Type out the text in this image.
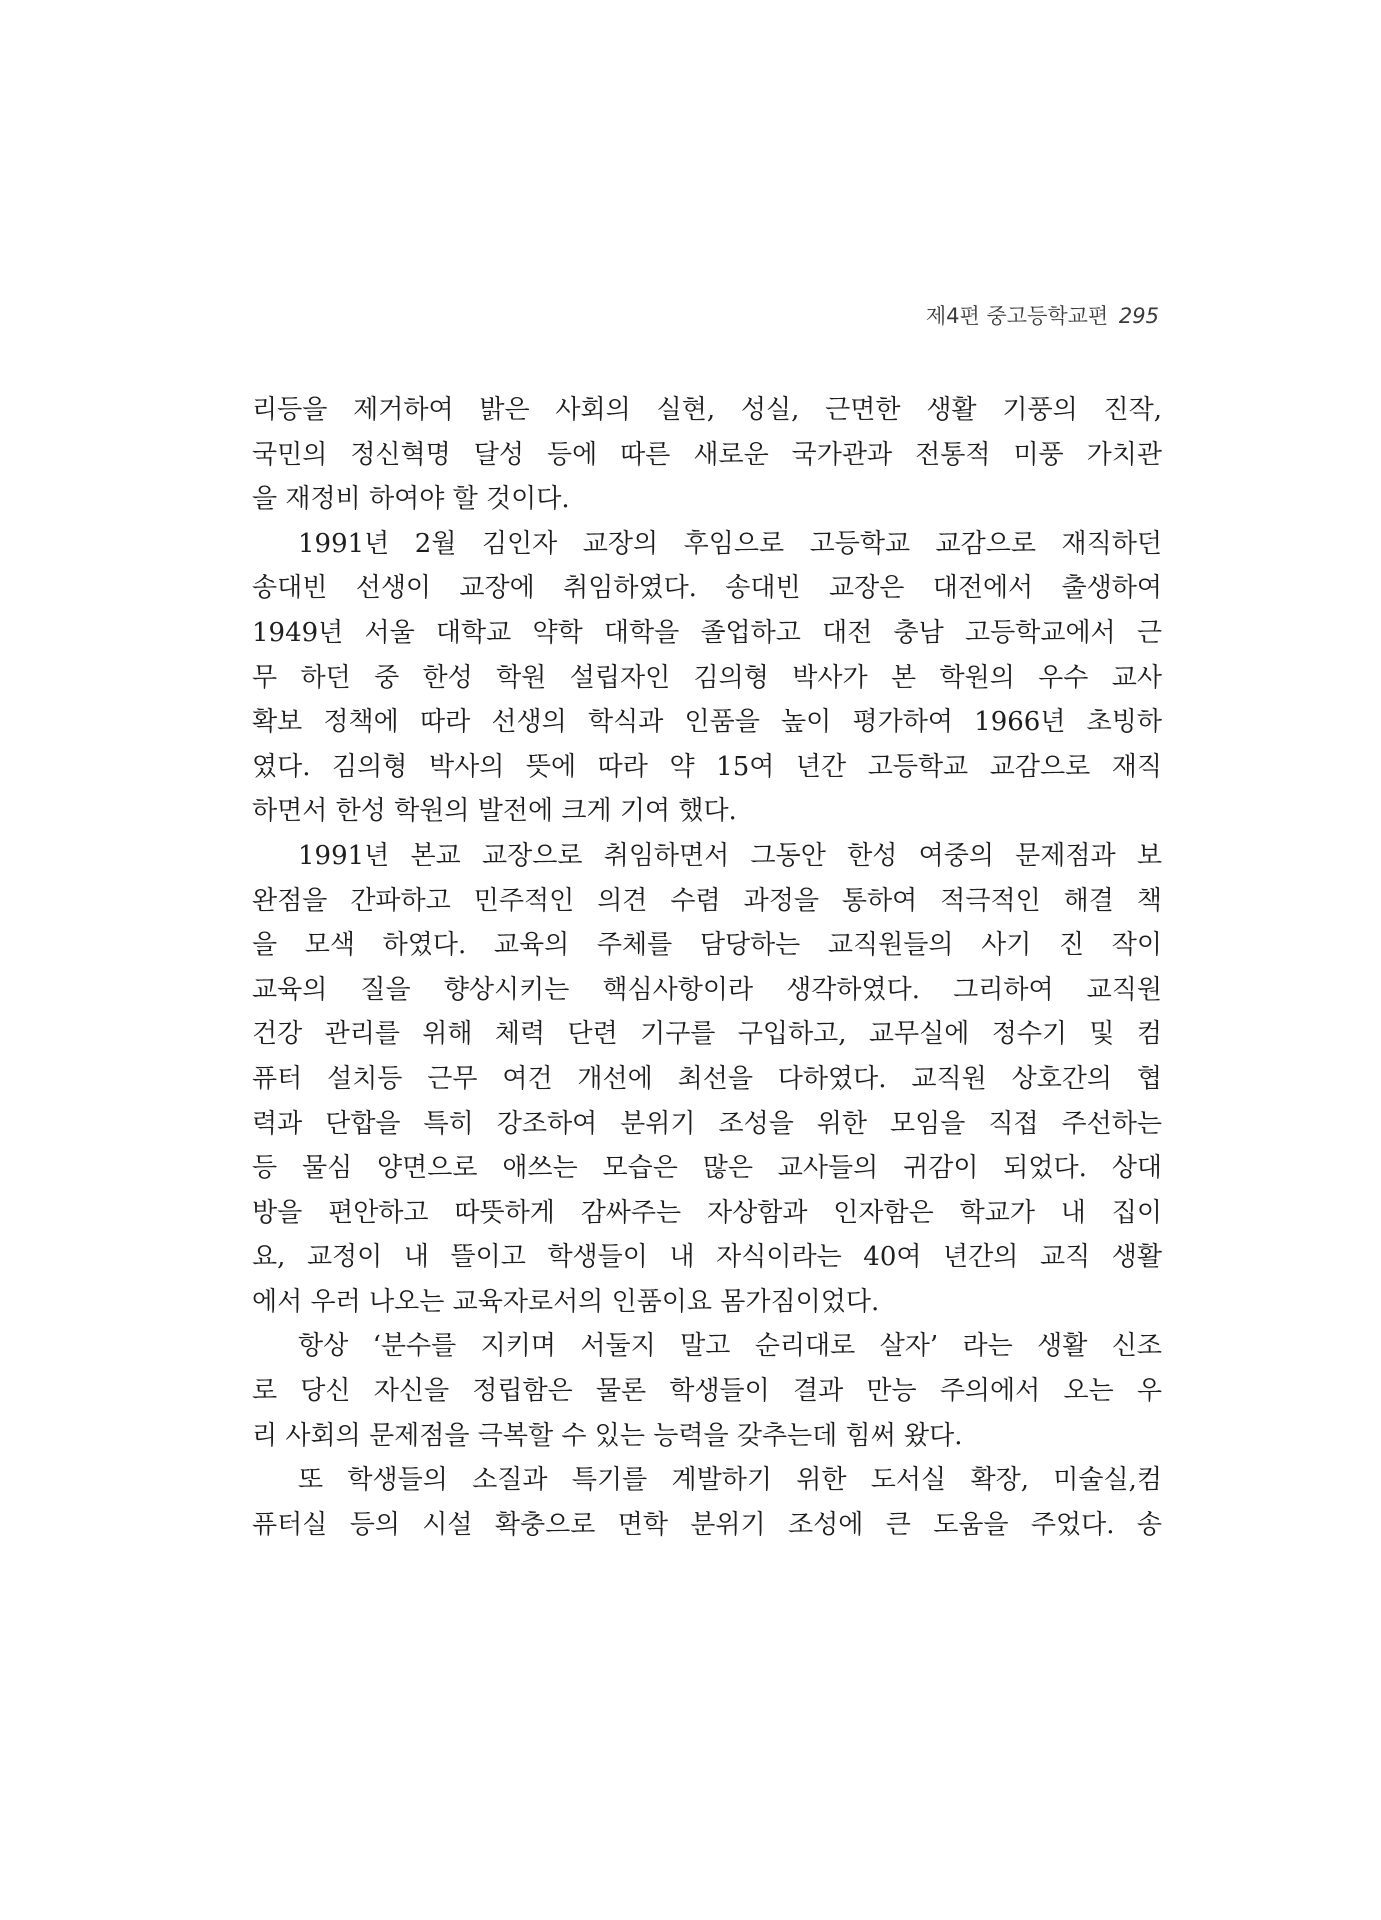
제4편 중고등학교편 295
리등을 제거하여 밝은 사회의 실현, 성실, 근면한 생활 기풍의 진작,
국민의 정신혁명 달성 등에 따른 새로운 국가관과 전통적 미풍 가치관
을 재정비 하여야 할 것이다.
1991년 2월 김인자 교장의 후임으로 고등학교 교감으로 재직하던
송대빈 선생이 교장에 취임하였다. 송대빈 교장은 대전에서 출생하여
1949년 서울 대학교 약학 대학을 졸업하고 대전 충남 고등학교에서 근
무 하던 중 한성 학원 설립자인 김의형 박사가 본 학원의 우수 교사
확보 정책에 따라 선생의 학식과 인품을 높이 평가하여 1966년 초빙하
였다. 김의형 박사의 뜻에 따라 약 15여 년간 고등학교 교감으로 재직
하면서 한성 학원의 발전에 크게 기여 했다.
1991년 본교 교장으로 취임하면서 그동안 한성 여중의 문제점과 보
완점을 간파하고 민주적인 의견 수렴 과정을 통하여 적극적인 해결 책
을 모색 하였다. 교육의 주체를 담당하는 교직원들의 사기 진 작이
교육의 질을 향상시키는 핵심사항이라 생각하였다. 그리하여 교직원
건강 관리를 위해 체력 단련 기구를 구입하고, 교무실에 정수기 및 컴
퓨터 설치등 근무 여건 개선에 최선을 다하였다. 교직원 상호간의 협
력과 단합을 특히 강조하여 분위기 조성을 위한 모임을 직접 주선하는
등 물심 양면으로 애쓰는 모습은 많은 교사들의 귀감이 되었다. 상대
방을 편안하고 따뜻하게 감싸주는 자상함과 인자함은 학교가 내 집이
요, 교정이 내 뜰이고 학생들이 내 자식이라는 40여 년간의 교직 생활
에서 우러 나오는 교육자로서의 인품이요 몸가짐이었다.
항상 ‘분수를 지키며 서둘지 말고 순리대로 살자’ 라는 생활 신조
로 당신 자신을 정립함은 물론 학생들이 결과 만능 주의에서 오는 우
리 사회의 문제점을 극복할 수 있는 능력을 갖추는데 힘써 왔다.
또 학생들의 소질과 특기를 계발하기 위한 도서실 확장, 미술실,컴
퓨터실 등의 시설 확충으로 면학 분위기 조성에 큰 도움을 주었다. 송
